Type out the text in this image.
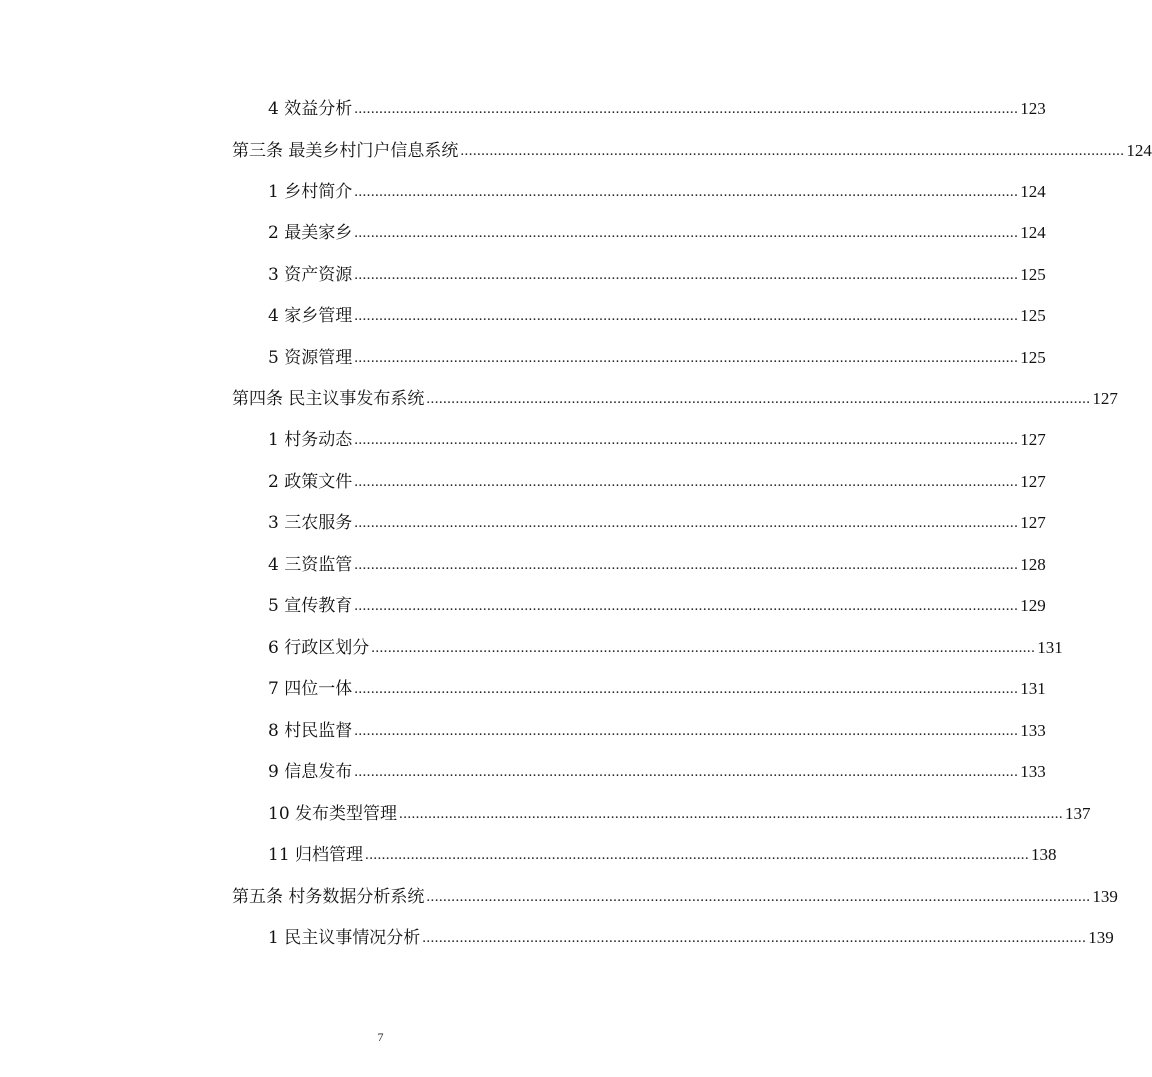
4 效益分析 ................................................................................................................................................................ 123
第三条 最美乡村门户信息系统 ................................................................................................................................................................ 124
1 乡村简介 ................................................................................................................................................................ 124
2 最美家乡 ................................................................................................................................................................ 124
3 资产资源 ................................................................................................................................................................ 125
4 家乡管理 ................................................................................................................................................................ 125
5 资源管理 ................................................................................................................................................................ 125
第四条 民主议事发布系统 ................................................................................................................................................................ 127
1 村务动态 ................................................................................................................................................................ 127
2 政策文件 ................................................................................................................................................................ 127
3 三农服务 ................................................................................................................................................................ 127
4 三资监管 ................................................................................................................................................................ 128
5 宣传教育 ................................................................................................................................................................ 129
6 行政区划分 ................................................................................................................................................................ 131
7 四位一体 ................................................................................................................................................................ 131
8 村民监督 ................................................................................................................................................................ 133
9 信息发布 ................................................................................................................................................................ 133
10 发布类型管理 ................................................................................................................................................................ 137
11 归档管理 ................................................................................................................................................................ 138
第五条 村务数据分析系统 ................................................................................................................................................................ 139
1 民主议事情况分析 ................................................................................................................................................................ 139
7
